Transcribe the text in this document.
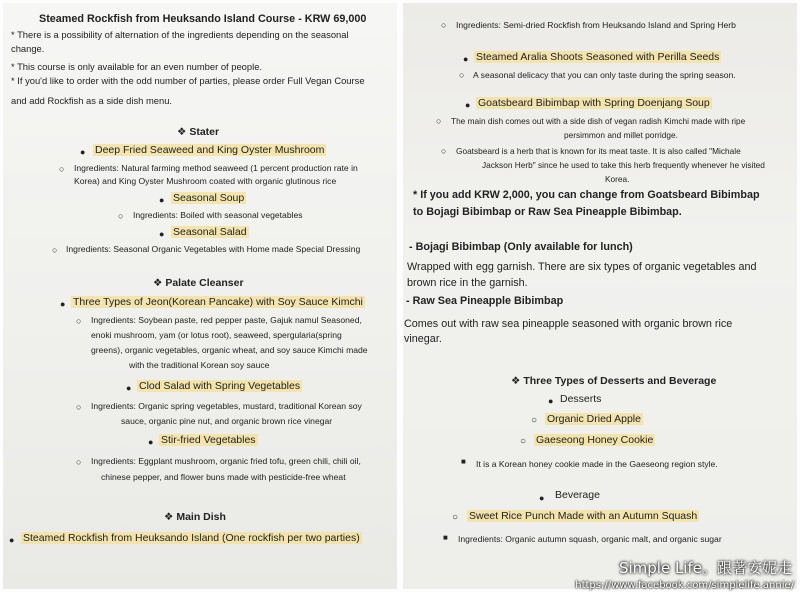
Steamed Rockfish from Heuksando Island Course - KRW 69,000
* There is a possibility of alternation of the ingredients depending on the seasonal
change.
* This course is only available for an even number of people.
* If you'd like to order with the odd number of parties, please order Full Vegan Course
and add Rockfish as a side dish menu.
❖ Stater
● Deep Fried Seaweed and King Oyster Mushroom
○ Ingredients: Natural farming method seaweed (1 percent production rate in
Korea) and King Oyster Mushroom coated with organic glutinous rice
● Seasonal Soup
○ Ingredients: Boiled with seasonal vegetables
● Seasonal Salad
○ Ingredients: Seasonal Organic Vegetables with Home made Special Dressing
❖ Palate Cleanser
● Three Types of Jeon(Korean Pancake) with Soy Sauce Kimchi
○ Ingredients: Soybean paste, red pepper paste, Gajuk namul Seasoned,
enoki mushroom, yam (or lotus root), seaweed, spergularia(spring
greens), organic vegetables, organic wheat, and soy sauce Kimchi made
with the traditional Korean soy sauce
● Clod Salad with Spring Vegetables
○ Ingredients: Organic spring vegetables, mustard, traditional Korean soy
sauce, organic pine nut, and organic brown rice vinegar
● Stir-fried Vegetables
○ Ingredients: Eggplant mushroom, organic fried tofu, green chili, chili oil,
chinese pepper, and flower buns made with pesticide-free wheat
❖ Main Dish
● Steamed Rockfish from Heuksando Island (One rockfish per two parties)
○ Ingredients: Semi-dried Rockfish from Heuksando Island and Spring Herb
● Steamed Aralia Shoots Seasoned with Perilla Seeds
○ A seasonal delicacy that you can only taste during the spring season.
● Goatsbeard Bibimbap with Spring Doenjang Soup
○ The main dish comes out with a side dish of vegan radish Kimchi made with ripe
persimmon and millet porridge.
○ Goatsbeard is a herb that is known for its meat taste. It is also called "Michale
Jackson Herb" since he used to take this herb frequently whenever he visited
Korea.
* If you add KRW 2,000, you can change from Goatsbeard Bibimbap
to Bojagi Bibimbap or Raw Sea Pineapple Bibimbap.
- Bojagi Bibimbap (Only available for lunch)
Wrapped with egg garnish. There are six types of organic vegetables and
brown rice in the garnish.
- Raw Sea Pineapple Bibimbap
Comes out with raw sea pineapple seasoned with organic brown rice
vinegar.
❖ Three Types of Desserts and Beverage
● Desserts
○ Organic Dried Apple
○ Gaeseong Honey Cookie
■ It is a Korean honey cookie made in the Gaeseong region style.
● Beverage
○ Sweet Rice Punch Made with an Autumn Squash
■ Ingredients: Organic autumn squash, organic malt, and organic sugar
Simple Life。跟著安妮走
https://www.facebook.com/simplelife.annie/
